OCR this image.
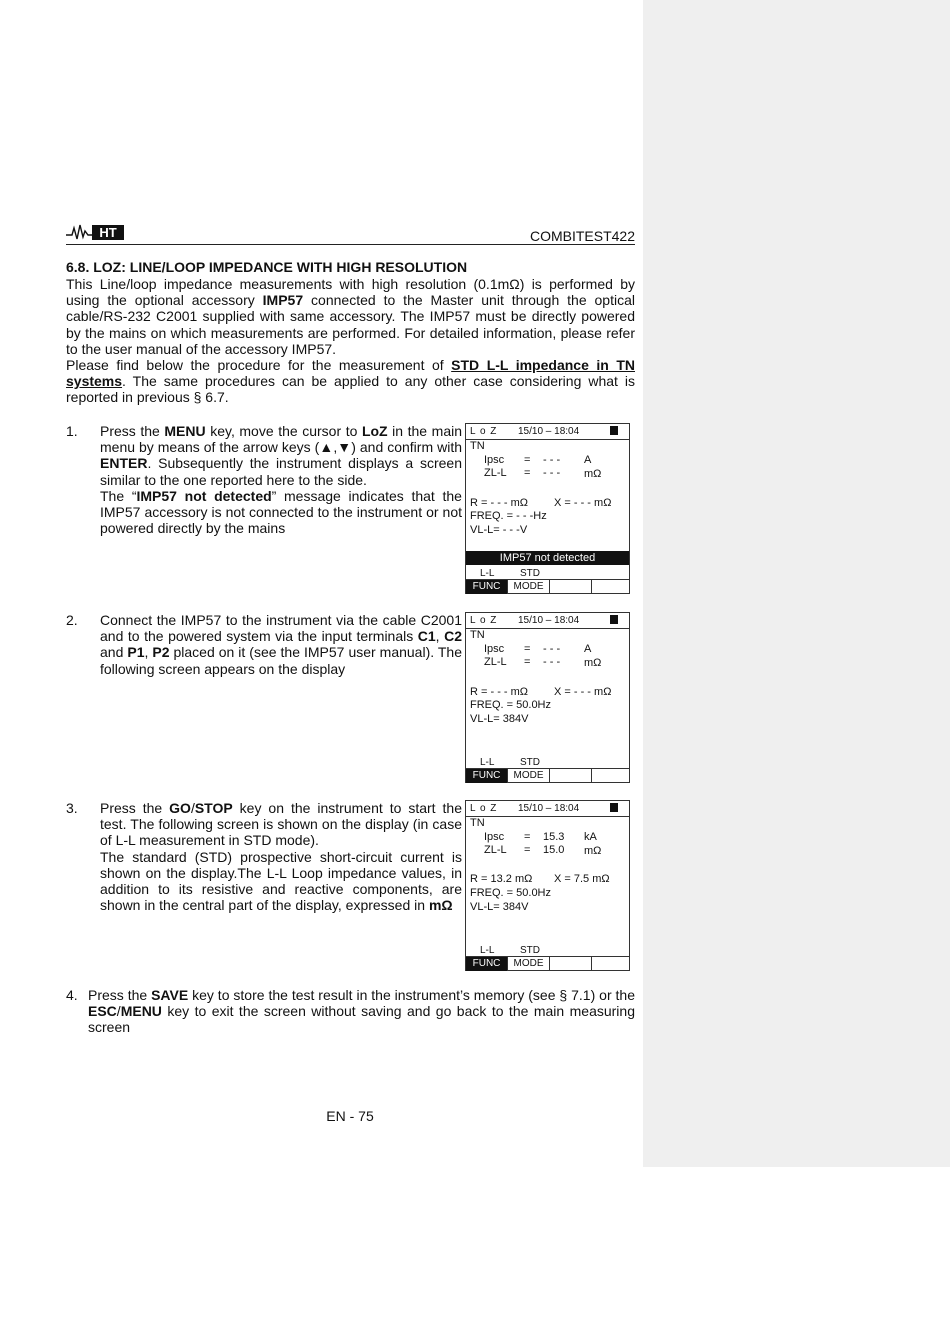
HT	COMBITEST422
6.8. LOZ: LINE/LOOP IMPEDANCE WITH HIGH RESOLUTION
This Line/loop impedance measurements with high resolution (0.1mΩ) is performed by using the optional accessory IMP57 connected to the Master unit through the optical cable/RS-232 C2001 supplied with same accessory. The IMP57 must be directly powered by the mains on which measurements are performed. For detailed information, please refer to the user manual of the accessory IMP57.
Please find below the procedure for the measurement of STD L-L impedance in TN systems. The same procedures can be applied to any other case considering what is reported in previous § 6.7.
1. Press the MENU key, move the cursor to LoZ in the main menu by means of the arrow keys (▲,▼) and confirm with ENTER. Subsequently the instrument displays a screen similar to the one reported here to the side.
The “IMP57 not detected” message indicates that the IMP57 accessory is not connected to the instrument or not powered directly by the mains
L o Z 15/10 – 18:04
TN
Ipsc = - - - A
ZL-L = - - - mΩ
R = - - - mΩ X = - - - mΩ
FREQ. = - - -Hz
VL-L= - - -V
IMP57 not detected
L-L	STD
FUNC	MODE
2. Connect the IMP57 to the instrument via the cable C2001 and to the powered system via the input terminals C1, C2 and P1, P2 placed on it (see the IMP57 user manual). The following screen appears on the display
L o Z 15/10 – 18:04
TN
Ipsc = - - - A
ZL-L = - - - mΩ
R = - - - mΩ X = - - - mΩ
FREQ. = 50.0Hz
VL-L= 384V
L-L	STD
FUNC	MODE
3. Press the GO/STOP key on the instrument to start the test. The following screen is shown on the display (in case of L-L measurement in STD mode).
The standard (STD) prospective short-circuit current is shown on the display.The L-L Loop impedance values, in addition to its resistive and reactive components, are shown in the central part of the display, expressed in mΩ
L o Z 15/10 – 18:04
TN
Ipsc = 15.3 kA
ZL-L = 15.0 mΩ
R = 13.2 mΩ X = 7.5 mΩ
FREQ. = 50.0Hz
VL-L= 384V
L-L	STD
FUNC	MODE
4. Press the SAVE key to store the test result in the instrument’s memory (see § 7.1) or the ESC/MENU key to exit the screen without saving and go back to the main measuring screen
EN - 75
